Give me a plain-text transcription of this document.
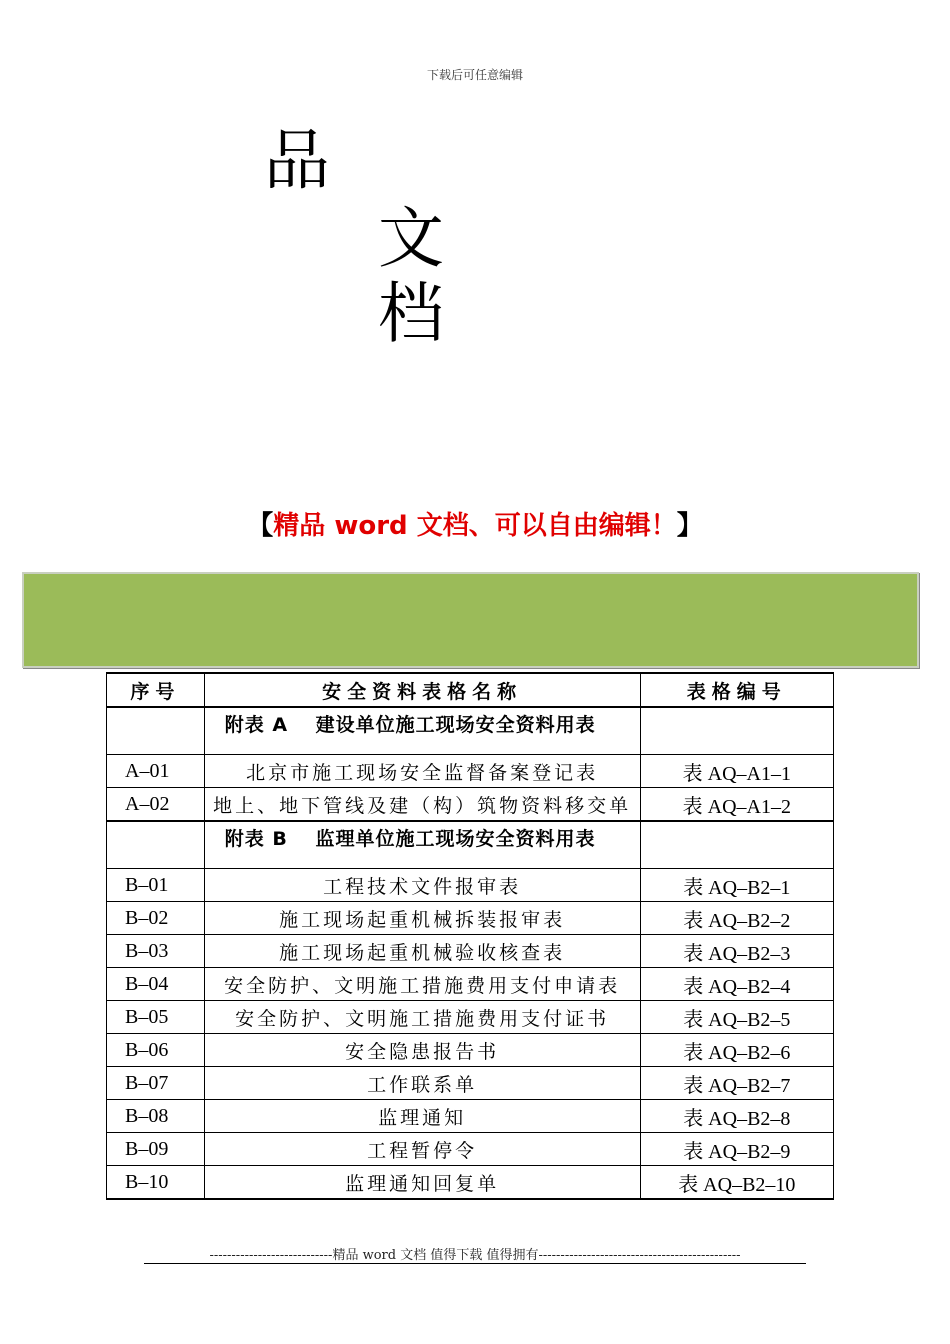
下载后可任意编辑
品
文
档
【精品 word 文档、可以自由编辑！】
序号	安全资料表格名称	表格编号
	附表 A　 建设单位施工现场安全资料用表	
A–01	北京市施工现场安全监督备案登记表	表 AQ–A1–1
A–02	地上、地下管线及建（构）筑物资料移交单	表 AQ–A1–2
	附表 B　 监理单位施工现场安全资料用表	
B–01	工程技术文件报审表	表 AQ–B2–1
B–02	施工现场起重机械拆装报审表	表 AQ–B2–2
B–03	施工现场起重机械验收核查表	表 AQ–B2–3
B–04	安全防护、文明施工措施费用支付申请表	表 AQ–B2–4
B–05	安全防护、文明施工措施费用支付证书	表 AQ–B2–5
B–06	安全隐患报告书	表 AQ–B2–6
B–07	工作联系单	表 AQ–B2–7
B–08	监理通知	表 AQ–B2–8
B–09	工程暂停令	表 AQ–B2–9
B–10	监理通知回复单	表 AQ–B2–10
----------------------------精品 word 文档 值得下载 值得拥有----------------------------------------------
